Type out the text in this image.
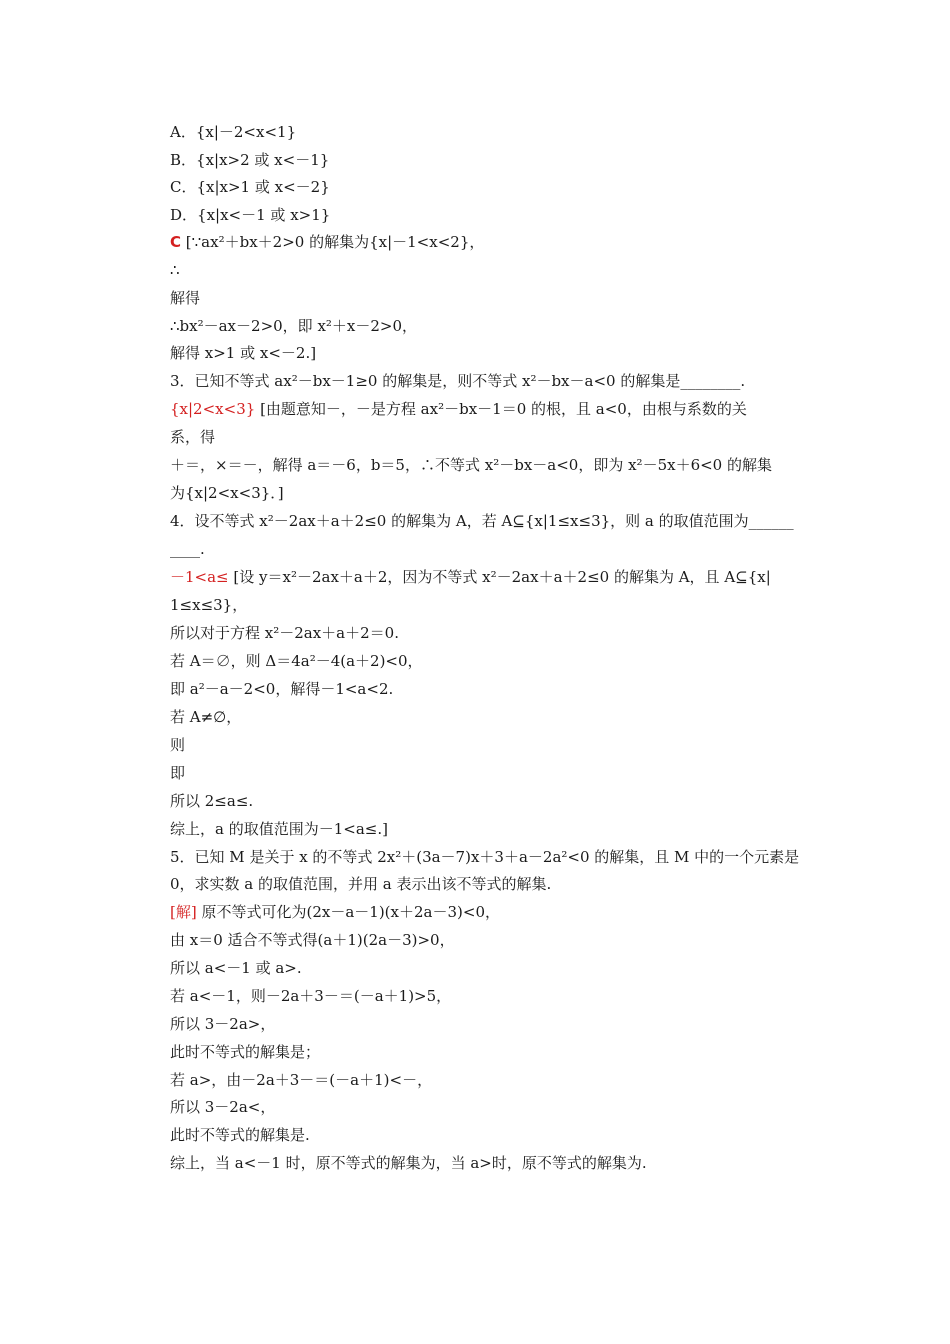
A．{x|－2<x<1}
B．{x|x>2 或 x<－1}
C．{x|x>1 或 x<－2}
D．{x|x<－1 或 x>1}
C [∵ax²＋bx＋2>0 的解集为{x|－1<x<2}，
∴
解得
∴bx²－ax－2>0，即 x²＋x－2>0，
解得 x>1 或 x<－2.]
3．已知不等式 ax²－bx－1≥0 的解集是，则不等式 x²－bx－a<0 的解集是________.
{x|2<x<3} [由题意知－，－是方程 ax²－bx－1＝0 的根，且 a<0，由根与系数的关
系，得
＋＝，×＝－，解得 a＝－6，b＝5，∴不等式 x²－bx－a<0，即为 x²－5x＋6<0 的解集
为{x|2<x<3}．]
4．设不等式 x²－2ax＋a＋2≤0 的解集为 A，若 A⊆{x|1≤x≤3}，则 a 的取值范围为______
____.
－1<a≤ [设 y＝x²－2ax＋a＋2，因为不等式 x²－2ax＋a＋2≤0 的解集为 A，且 A⊆{x|
1≤x≤3}，
所以对于方程 x²－2ax＋a＋2＝0.
若 A＝∅，则 Δ＝4a²－4(a＋2)<0，
即 a²－a－2<0，解得－1<a<2.
若 A≠∅，
则
即
所以 2≤a≤.
综上，a 的取值范围为－1<a≤.]
5．已知 M 是关于 x 的不等式 2x²＋(3a－7)x＋3＋a－2a²<0 的解集，且 M 中的一个元素是
0，求实数 a 的取值范围，并用 a 表示出该不等式的解集.
[解] 原不等式可化为(2x－a－1)(x＋2a－3)<0，
由 x＝0 适合不等式得(a＋1)(2a－3)>0，
所以 a<－1 或 a>.
若 a<－1，则－2a＋3－＝(－a＋1)>5，
所以 3－2a>，
此时不等式的解集是；
若 a>，由－2a＋3－＝(－a＋1)<－，
所以 3－2a<，
此时不等式的解集是.
综上，当 a<－1 时，原不等式的解集为，当 a>时，原不等式的解集为.
